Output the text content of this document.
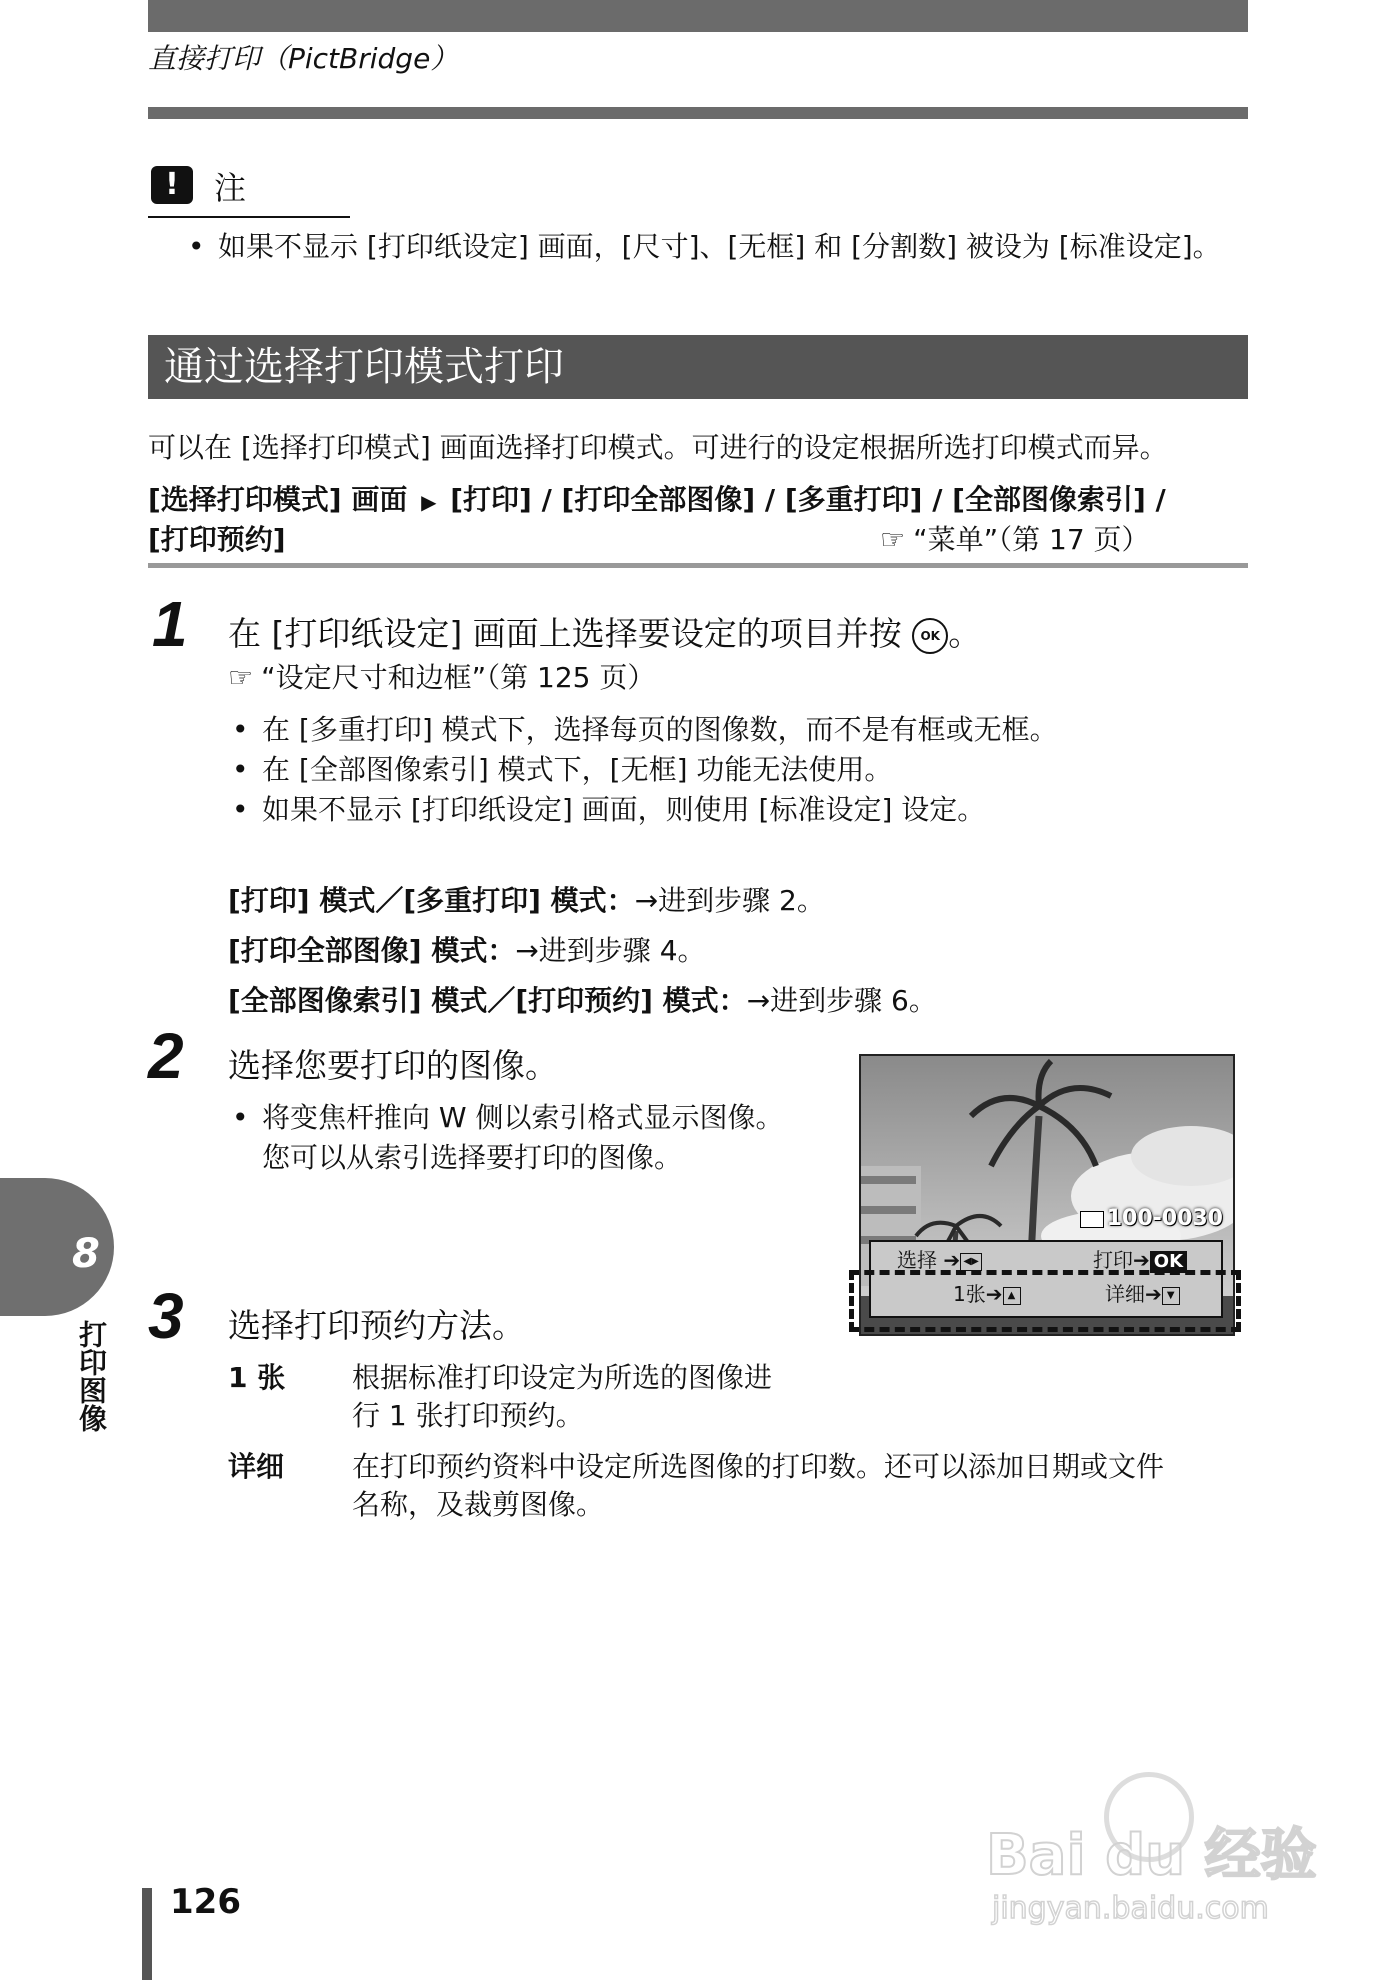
直接打印（PictBridge）
!	注
• 如果不显示 [打印纸设定] 画面，[尺寸]、[无框] 和 [分割数] 被设为 [标准设定]。
通过选择打印模式打印
可以在 [选择打印模式] 画面选择打印模式。可进行的设定根据所选打印模式而异。
[选择打印模式] 画面 ▶ [打印] / [打印全部图像] / [多重打印] / [全部图像索引] /
[打印预约]	☞ “菜单”（第 17 页）
1 在 [打印纸设定] 画面上选择要设定的项目并按 OK 。
☞ “设定尺寸和边框”（第 125 页）
• 在 [多重打印] 模式下，选择每页的图像数，而不是有框或无框。
• 在 [全部图像索引] 模式下，[无框] 功能无法使用。
• 如果不显示 [打印纸设定] 画面，则使用 [标准设定] 设定。
[打印] 模式／[多重打印] 模式：→进到步骤 2。
[打印全部图像] 模式：→进到步骤 4。
[全部图像索引] 模式／[打印预约] 模式：→进到步骤 6。
2 选择您要打印的图像。
• 将变焦杆推向 W 侧以索引格式显示图像。
您可以从索引选择要打印的图像。
100-0030
选择 ➔ ◀▶	打印➔ OK
1张➔ ▲	详细➔ ▼
3 选择打印预约方法。
1 张 根据标准打印设定为所选的图像进
行 1 张打印预约。
详细 在打印预约资料中设定所选图像的打印数。还可以添加日期或文件
名称，及裁剪图像。
8
打印图像
126
Bai du 经验
jingyan.baidu.com
